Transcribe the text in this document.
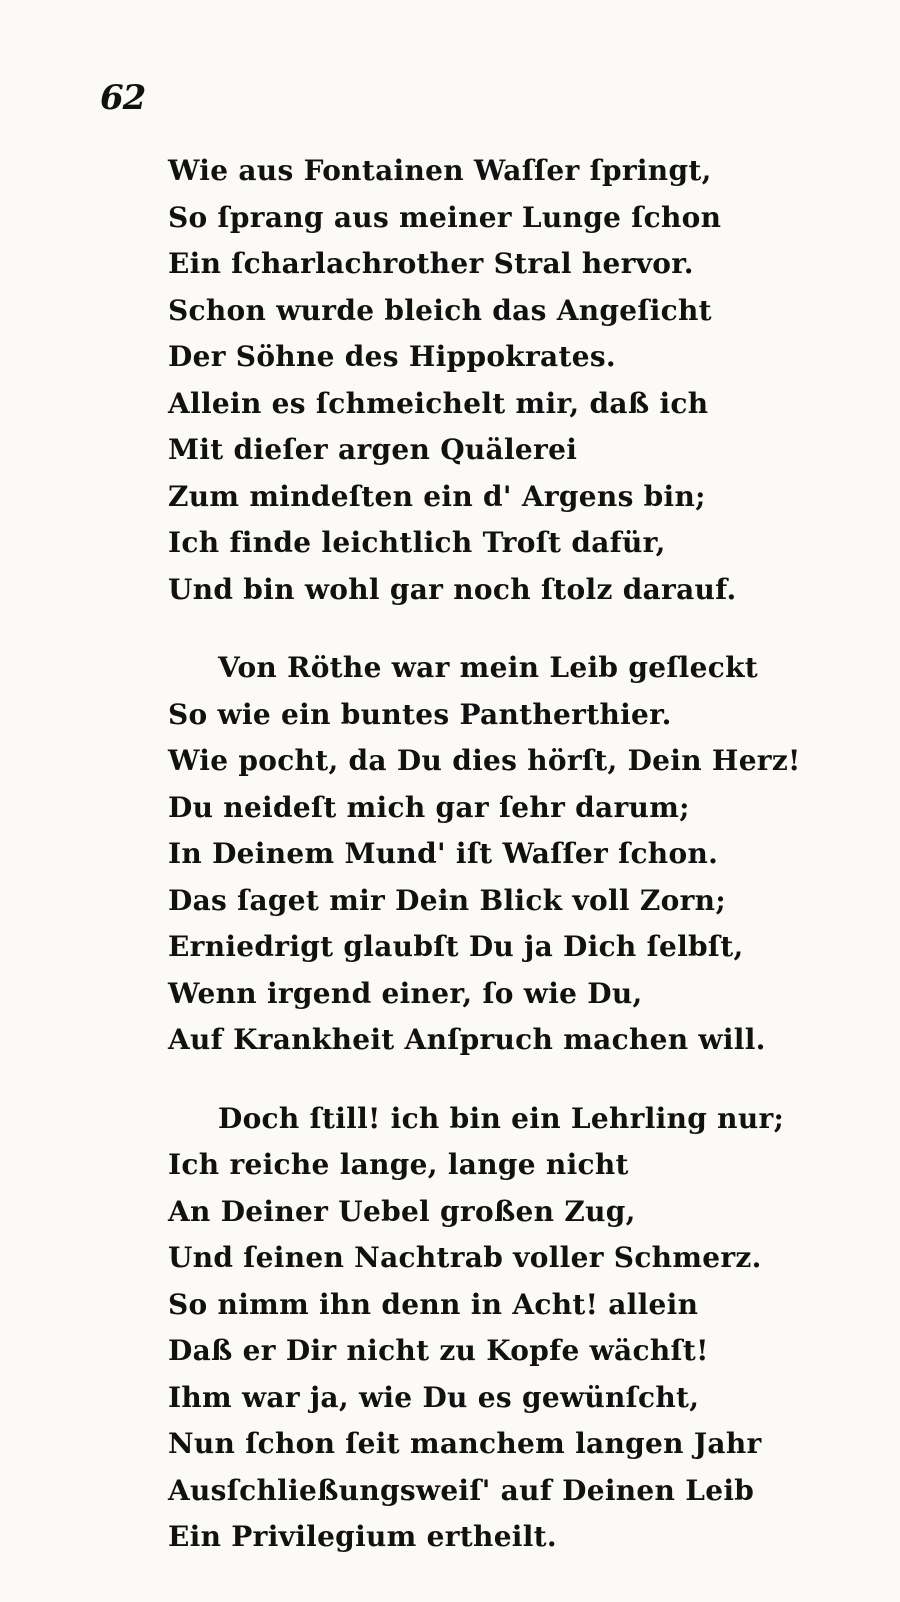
62
Wie aus Fontainen Waſſer ſpringt,
So ſprang aus meiner Lunge ſchon
Ein ſcharlachrother Stral hervor.
Schon wurde bleich das Angeſicht
Der Söhne des Hippokrates.
Allein es ſchmeichelt mir, daß ich
Mit dieſer argen Quälerei
Zum mindeſten ein d' Argens bin;
Ich finde leichtlich Troſt dafür,
Und bin wohl gar noch ſtolz darauf.
Von Röthe war mein Leib geſleckt
So wie ein buntes Pantherthier.
Wie pocht, da Du dies hörſt, Dein Herz!
Du neideſt mich gar ſehr darum;
In Deinem Mund' iſt Waſſer ſchon.
Das ſaget mir Dein Blick voll Zorn;
Erniedrigt glaubſt Du ja Dich ſelbſt,
Wenn irgend einer, ſo wie Du,
Auf Krankheit Anſpruch machen will.
Doch ſtill! ich bin ein Lehrling nur;
Ich reiche lange, lange nicht
An Deiner Uebel großen Zug,
Und ſeinen Nachtrab voller Schmerz.
So nimm ihn denn in Acht! allein
Daß er Dir nicht zu Kopfe wächſt!
Ihm war ja, wie Du es gewünſcht,
Nun ſchon ſeit manchem langen Jahr
Ausſchließungsweiſ' auf Deinen Leib
Ein Privilegium ertheilt.
